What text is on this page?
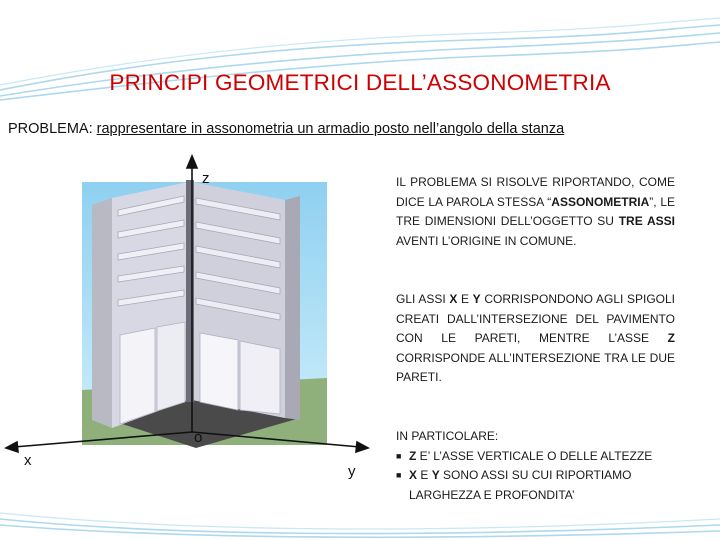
PRINCIPI GEOMETRICI DELL’ASSONOMETRIA
PROBLEMA: rappresentare in assonometria un armadio posto nell’angolo della stanza
z
o
x
y
IL PROBLEMA SI RISOLVE RIPORTANDO, COME DICE LA PAROLA STESSA “ASSONOMETRIA”, LE TRE DIMENSIONI DELL’OGGETTO SU TRE ASSI AVENTI L’ORIGINE IN COMUNE.
GLI ASSI X E Y CORRISPONDONO AGLI SPIGOLI CREATI DALL’INTERSEZIONE DEL PAVIMENTO CON LE PARETI, MENTRE L’ASSE Z CORRISPONDE ALL’INTERSEZIONE TRA LE DUE PARETI.
IN PARTICOLARE:
■ Z E’ L’ASSE VERTICALE O DELLE ALTEZZE
■ X E Y SONO ASSI SU CUI RIPORTIAMO LARGHEZZA E PROFONDITA’
